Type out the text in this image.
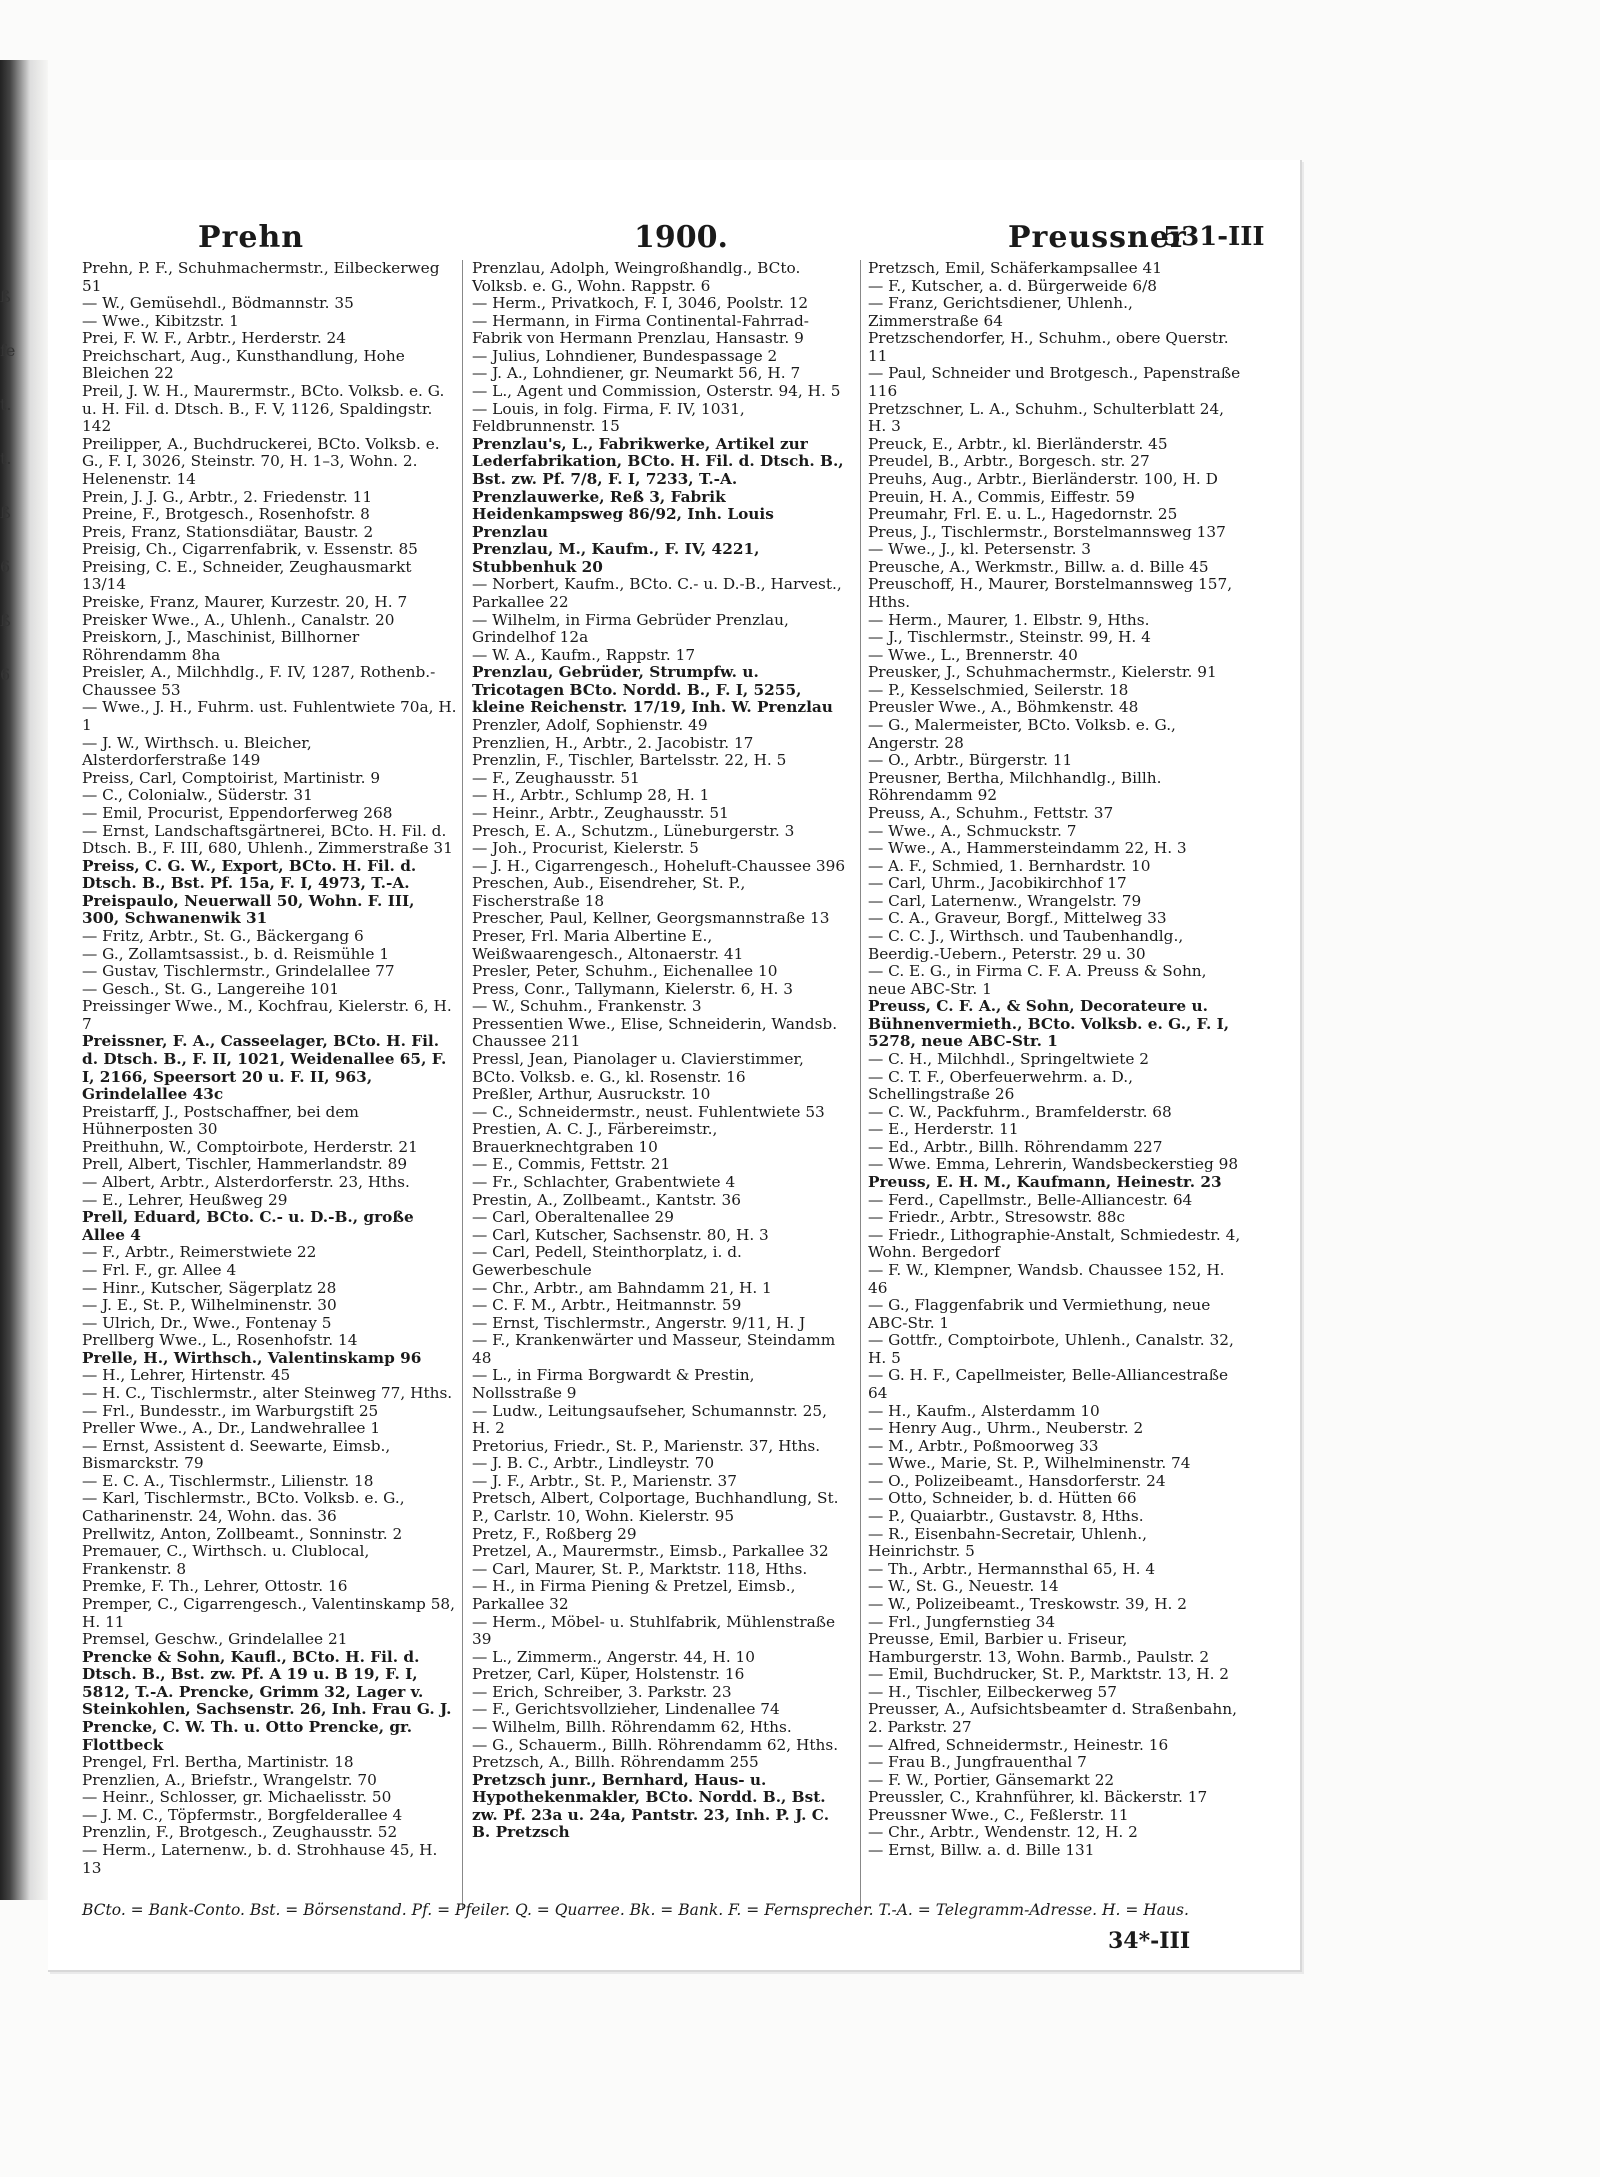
ß
fe
t.
t.
ß
6
ß
6
Prehn	1900.	Preussner
531-III
Prehn, P. F., Schuhmachermstr., Eilbeckerweg 51
— W., Gemüsehdl., Bödmannstr. 35
— Wwe., Kibitzstr. 1
Prei, F. W. F., Arbtr., Herderstr. 24
Preichschart, Aug., Kunsthandlung, Hohe Bleichen 22
Preil, J. W. H., Maurermstr., BCto. Volksb. e. G. u. H. Fil. d. Dtsch. B., F. V, 1126, Spaldingstr. 142
Preilipper, A., Buchdruckerei, BCto. Volksb. e. G., F. I, 3026, Steinstr. 70, H. 1–3, Wohn. 2. Helenenstr. 14
Prein, J. J. G., Arbtr., 2. Friedenstr. 11
Preine, F., Brotgesch., Rosenhofstr. 8
Preis, Franz, Stationsdiätar, Baustr. 2
Preisig, Ch., Cigarrenfabrik, v. Essenstr. 85
Preising, C. E., Schneider, Zeughausmarkt 13/14
Preiske, Franz, Maurer, Kurzestr. 20, H. 7
Preisker Wwe., A., Uhlenh., Canalstr. 20
Preiskorn, J., Maschinist, Billhorner Röhrendamm 8ha
Preisler, A., Milchhdlg., F. IV, 1287, Rothenb.-Chaussee 53
— Wwe., J. H., Fuhrm. ust. Fuhlentwiete 70a, H. 1
— J. W., Wirthsch. u. Bleicher, Alsterdorferstraße 149
Preiss, Carl, Comptoirist, Martinistr. 9
— C., Colonialw., Süderstr. 31
— Emil, Procurist, Eppendorferweg 268
— Ernst, Landschaftsgärtnerei, BCto. H. Fil. d. Dtsch. B., F. III, 680, Uhlenh., Zimmerstraße 31
Preiss, C. G. W., Export, BCto. H. Fil. d. Dtsch. B., Bst. Pf. 15a, F. I, 4973, T.-A. Preispaulo, Neuerwall 50, Wohn. F. III, 300, Schwanenwik 31
— Fritz, Arbtr., St. G., Bäckergang 6
— G., Zollamtsassist., b. d. Reismühle 1
— Gustav, Tischlermstr., Grindelallee 77
— Gesch., St. G., Langereihe 101
Preissinger Wwe., M., Kochfrau, Kielerstr. 6, H. 7
Preissner, F. A., Casseelager, BCto. H. Fil. d. Dtsch. B., F. II, 1021, Weidenallee 65, F. I, 2166, Speersort 20 u. F. II, 963, Grindelallee 43c
Preistarff, J., Postschaffner, bei dem Hühnerposten 30
Preithuhn, W., Comptoirbote, Herderstr. 21
Prell, Albert, Tischler, Hammerlandstr. 89
— Albert, Arbtr., Alsterdorferstr. 23, Hths.
— E., Lehrer, Heußweg 29
Prell, Eduard, BCto. C.- u. D.-B., große Allee 4
— F., Arbtr., Reimerstwiete 22
— Frl. F., gr. Allee 4
— Hinr., Kutscher, Sägerplatz 28
— J. E., St. P., Wilhelminenstr. 30
— Ulrich, Dr., Wwe., Fontenay 5
Prellberg Wwe., L., Rosenhofstr. 14
Prelle, H., Wirthsch., Valentinskamp 96
— H., Lehrer, Hirtenstr. 45
— H. C., Tischlermstr., alter Steinweg 77, Hths.
— Frl., Bundesstr., im Warburgstift 25
Preller Wwe., A., Dr., Landwehrallee 1
— Ernst, Assistent d. Seewarte, Eimsb., Bismarckstr. 79
— E. C. A., Tischlermstr., Lilienstr. 18
— Karl, Tischlermstr., BCto. Volksb. e. G., Catharinenstr. 24, Wohn. das. 36
Prellwitz, Anton, Zollbeamt., Sonninstr. 2
Premauer, C., Wirthsch. u. Clublocal, Frankenstr. 8
Premke, F. Th., Lehrer, Ottostr. 16
Premper, C., Cigarrengesch., Valentinskamp 58, H. 11
Premsel, Geschw., Grindelallee 21
Prencke & Sohn, Kaufl., BCto. H. Fil. d. Dtsch. B., Bst. zw. Pf. A 19 u. B 19, F. I, 5812, T.-A. Prencke, Grimm 32, Lager v. Steinkohlen, Sachsenstr. 26, Inh. Frau G. J. Prencke, C. W. Th. u. Otto Prencke, gr. Flottbeck
Prengel, Frl. Bertha, Martinistr. 18
Prenzlien, A., Briefstr., Wrangelstr. 70
— Heinr., Schlosser, gr. Michaelisstr. 50
— J. M. C., Töpfermstr., Borgfelderallee 4
Prenzlin, F., Brotgesch., Zeughausstr. 52
— Herm., Laternenw., b. d. Strohhause 45, H. 13
Prenzlau, Adolph, Weingroßhandlg., BCto. Volksb. e. G., Wohn. Rappstr. 6
— Herm., Privatkoch, F. I, 3046, Poolstr. 12
— Hermann, in Firma Continental-Fahrrad-Fabrik von Hermann Prenzlau, Hansastr. 9
— Julius, Lohndiener, Bundespassage 2
— J. A., Lohndiener, gr. Neumarkt 56, H. 7
— L., Agent und Commission, Osterstr. 94, H. 5
— Louis, in folg. Firma, F. IV, 1031, Feldbrunnenstr. 15
Prenzlau's, L., Fabrikwerke, Artikel zur Lederfabrikation, BCto. H. Fil. d. Dtsch. B., Bst. zw. Pf. 7/8, F. I, 7233, T.-A. Prenzlauwerke, Reß 3, Fabrik Heidenkampsweg 86/92, Inh. Louis Prenzlau
Prenzlau, M., Kaufm., F. IV, 4221, Stubbenhuk 20
— Norbert, Kaufm., BCto. C.- u. D.-B., Harvest., Parkallee 22
— Wilhelm, in Firma Gebrüder Prenzlau, Grindelhof 12a
— W. A., Kaufm., Rappstr. 17
Prenzlau, Gebrüder, Strumpfw. u. Tricotagen BCto. Nordd. B., F. I, 5255, kleine Reichenstr. 17/19, Inh. W. Prenzlau
Prenzler, Adolf, Sophienstr. 49
Prenzlien, H., Arbtr., 2. Jacobistr. 17
Prenzlin, F., Tischler, Bartelsstr. 22, H. 5
— F., Zeughausstr. 51
— H., Arbtr., Schlump 28, H. 1
— Heinr., Arbtr., Zeughausstr. 51
Presch, E. A., Schutzm., Lüneburgerstr. 3
— Joh., Procurist, Kielerstr. 5
— J. H., Cigarrengesch., Hoheluft-Chaussee 396
Preschen, Aub., Eisendreher, St. P., Fischerstraße 18
Prescher, Paul, Kellner, Georgsmannstraße 13
Preser, Frl. Maria Albertine E., Weißwaarengesch., Altonaerstr. 41
Presler, Peter, Schuhm., Eichenallee 10
Press, Conr., Tallymann, Kielerstr. 6, H. 3
— W., Schuhm., Frankenstr. 3
Pressentien Wwe., Elise, Schneiderin, Wandsb. Chaussee 211
Pressl, Jean, Pianolager u. Clavierstimmer, BCto. Volksb. e. G., kl. Rosenstr. 16
Preßler, Arthur, Ausruckstr. 10
— C., Schneidermstr., neust. Fuhlentwiete 53
Prestien, A. C. J., Färbereimstr., Brauerknechtgraben 10
— E., Commis, Fettstr. 21
— Fr., Schlachter, Grabentwiete 4
Prestin, A., Zollbeamt., Kantstr. 36
— Carl, Oberaltenallee 29
— Carl, Kutscher, Sachsenstr. 80, H. 3
— Carl, Pedell, Steinthorplatz, i. d. Gewerbeschule
— Chr., Arbtr., am Bahndamm 21, H. 1
— C. F. M., Arbtr., Heitmannstr. 59
— Ernst, Tischlermstr., Angerstr. 9/11, H. J
— F., Krankenwärter und Masseur, Steindamm 48
— L., in Firma Borgwardt & Prestin, Nollsstraße 9
— Ludw., Leitungsaufseher, Schumannstr. 25, H. 2
Pretorius, Friedr., St. P., Marienstr. 37, Hths.
— J. B. C., Arbtr., Lindleystr. 70
— J. F., Arbtr., St. P., Marienstr. 37
Pretsch, Albert, Colportage, Buchhandlung, St. P., Carlstr. 10, Wohn. Kielerstr. 95
Pretz, F., Roßberg 29
Pretzel, A., Maurermstr., Eimsb., Parkallee 32
— Carl, Maurer, St. P., Marktstr. 118, Hths.
— H., in Firma Piening & Pretzel, Eimsb., Parkallee 32
— Herm., Möbel- u. Stuhlfabrik, Mühlenstraße 39
— L., Zimmerm., Angerstr. 44, H. 10
Pretzer, Carl, Küper, Holstenstr. 16
— Erich, Schreiber, 3. Parkstr. 23
— F., Gerichtsvollzieher, Lindenallee 74
— Wilhelm, Billh. Röhrendamm 62, Hths.
— G., Schauerm., Billh. Röhrendamm 62, Hths.
Pretzsch, A., Billh. Röhrendamm 255
Pretzsch junr., Bernhard, Haus- u. Hypothekenmakler, BCto. Nordd. B., Bst. zw. Pf. 23a u. 24a, Pantstr. 23, Inh. P. J. C. B. Pretzsch
Pretzsch, Emil, Schäferkampsallee 41
— F., Kutscher, a. d. Bürgerweide 6/8
— Franz, Gerichtsdiener, Uhlenh., Zimmerstraße 64
Pretzschendorfer, H., Schuhm., obere Querstr. 11
— Paul, Schneider und Brotgesch., Papenstraße 116
Pretzschner, L. A., Schuhm., Schulterblatt 24, H. 3
Preuck, E., Arbtr., kl. Bierländerstr. 45
Preudel, B., Arbtr., Borgesch. str. 27
Preuhs, Aug., Arbtr., Bierländerstr. 100, H. D
Preuin, H. A., Commis, Eiffestr. 59
Preumahr, Frl. E. u. L., Hagedornstr. 25
Preus, J., Tischlermstr., Borstelmannsweg 137
— Wwe., J., kl. Petersenstr. 3
Preusche, A., Werkmstr., Billw. a. d. Bille 45
Preuschoff, H., Maurer, Borstelmannsweg 157, Hths.
— Herm., Maurer, 1. Elbstr. 9, Hths.
— J., Tischlermstr., Steinstr. 99, H. 4
— Wwe., L., Brennerstr. 40
Preusker, J., Schuhmachermstr., Kielerstr. 91
— P., Kesselschmied, Seilerstr. 18
Preusler Wwe., A., Böhmkenstr. 48
— G., Malermeister, BCto. Volksb. e. G., Angerstr. 28
— O., Arbtr., Bürgerstr. 11
Preusner, Bertha, Milchhandlg., Billh. Röhrendamm 92
Preuss, A., Schuhm., Fettstr. 37
— Wwe., A., Schmuckstr. 7
— Wwe., A., Hammersteindamm 22, H. 3
— A. F., Schmied, 1. Bernhardstr. 10
— Carl, Uhrm., Jacobikirchhof 17
— Carl, Laternenw., Wrangelstr. 79
— C. A., Graveur, Borgf., Mittelweg 33
— C. C. J., Wirthsch. und Taubenhandlg., Beerdig.-Uebern., Peterstr. 29 u. 30
— C. E. G., in Firma C. F. A. Preuss & Sohn, neue ABC-Str. 1
Preuss, C. F. A., & Sohn, Decorateure u. Bühnenvermieth., BCto. Volksb. e. G., F. I, 5278, neue ABC-Str. 1
— C. H., Milchhdl., Springeltwiete 2
— C. T. F., Oberfeuerwehrm. a. D., Schellingstraße 26
— C. W., Packfuhrm., Bramfelderstr. 68
— E., Herderstr. 11
— Ed., Arbtr., Billh. Röhrendamm 227
— Wwe. Emma, Lehrerin, Wandsbeckerstieg 98
Preuss, E. H. M., Kaufmann, Heinestr. 23
— Ferd., Capellmstr., Belle-Alliancestr. 64
— Friedr., Arbtr., Stresowstr. 88c
— Friedr., Lithographie-Anstalt, Schmiedestr. 4, Wohn. Bergedorf
— F. W., Klempner, Wandsb. Chaussee 152, H. 46
— G., Flaggenfabrik und Vermiethung, neue ABC-Str. 1
— Gottfr., Comptoirbote, Uhlenh., Canalstr. 32, H. 5
— G. H. F., Capellmeister, Belle-Alliancestraße 64
— H., Kaufm., Alsterdamm 10
— Henry Aug., Uhrm., Neuberstr. 2
— M., Arbtr., Poßmoorweg 33
— Wwe., Marie, St. P., Wilhelminenstr. 74
— O., Polizeibeamt., Hansdorferstr. 24
— Otto, Schneider, b. d. Hütten 66
— P., Quaiarbtr., Gustavstr. 8, Hths.
— R., Eisenbahn-Secretair, Uhlenh., Heinrichstr. 5
— Th., Arbtr., Hermannsthal 65, H. 4
— W., St. G., Neuestr. 14
— W., Polizeibeamt., Treskowstr. 39, H. 2
— Frl., Jungfernstieg 34
Preusse, Emil, Barbier u. Friseur, Hamburgerstr. 13, Wohn. Barmb., Paulstr. 2
— Emil, Buchdrucker, St. P., Marktstr. 13, H. 2
— H., Tischler, Eilbeckerweg 57
Preusser, A., Aufsichtsbeamter d. Straßenbahn, 2. Parkstr. 27
— Alfred, Schneidermstr., Heinestr. 16
— Frau B., Jungfrauenthal 7
— F. W., Portier, Gänsemarkt 22
Preussler, C., Krahnführer, kl. Bäckerstr. 17
Preussner Wwe., C., Feßlerstr. 11
— Chr., Arbtr., Wendenstr. 12, H. 2
— Ernst, Billw. a. d. Bille 131
BCto. = Bank-Conto. Bst. = Börsenstand. Pf. = Pfeiler. Q. = Quarree. Bk. = Bank. F. = Fernsprecher. T.-A. = Telegramm-Adresse. H. = Haus.
34*-III
